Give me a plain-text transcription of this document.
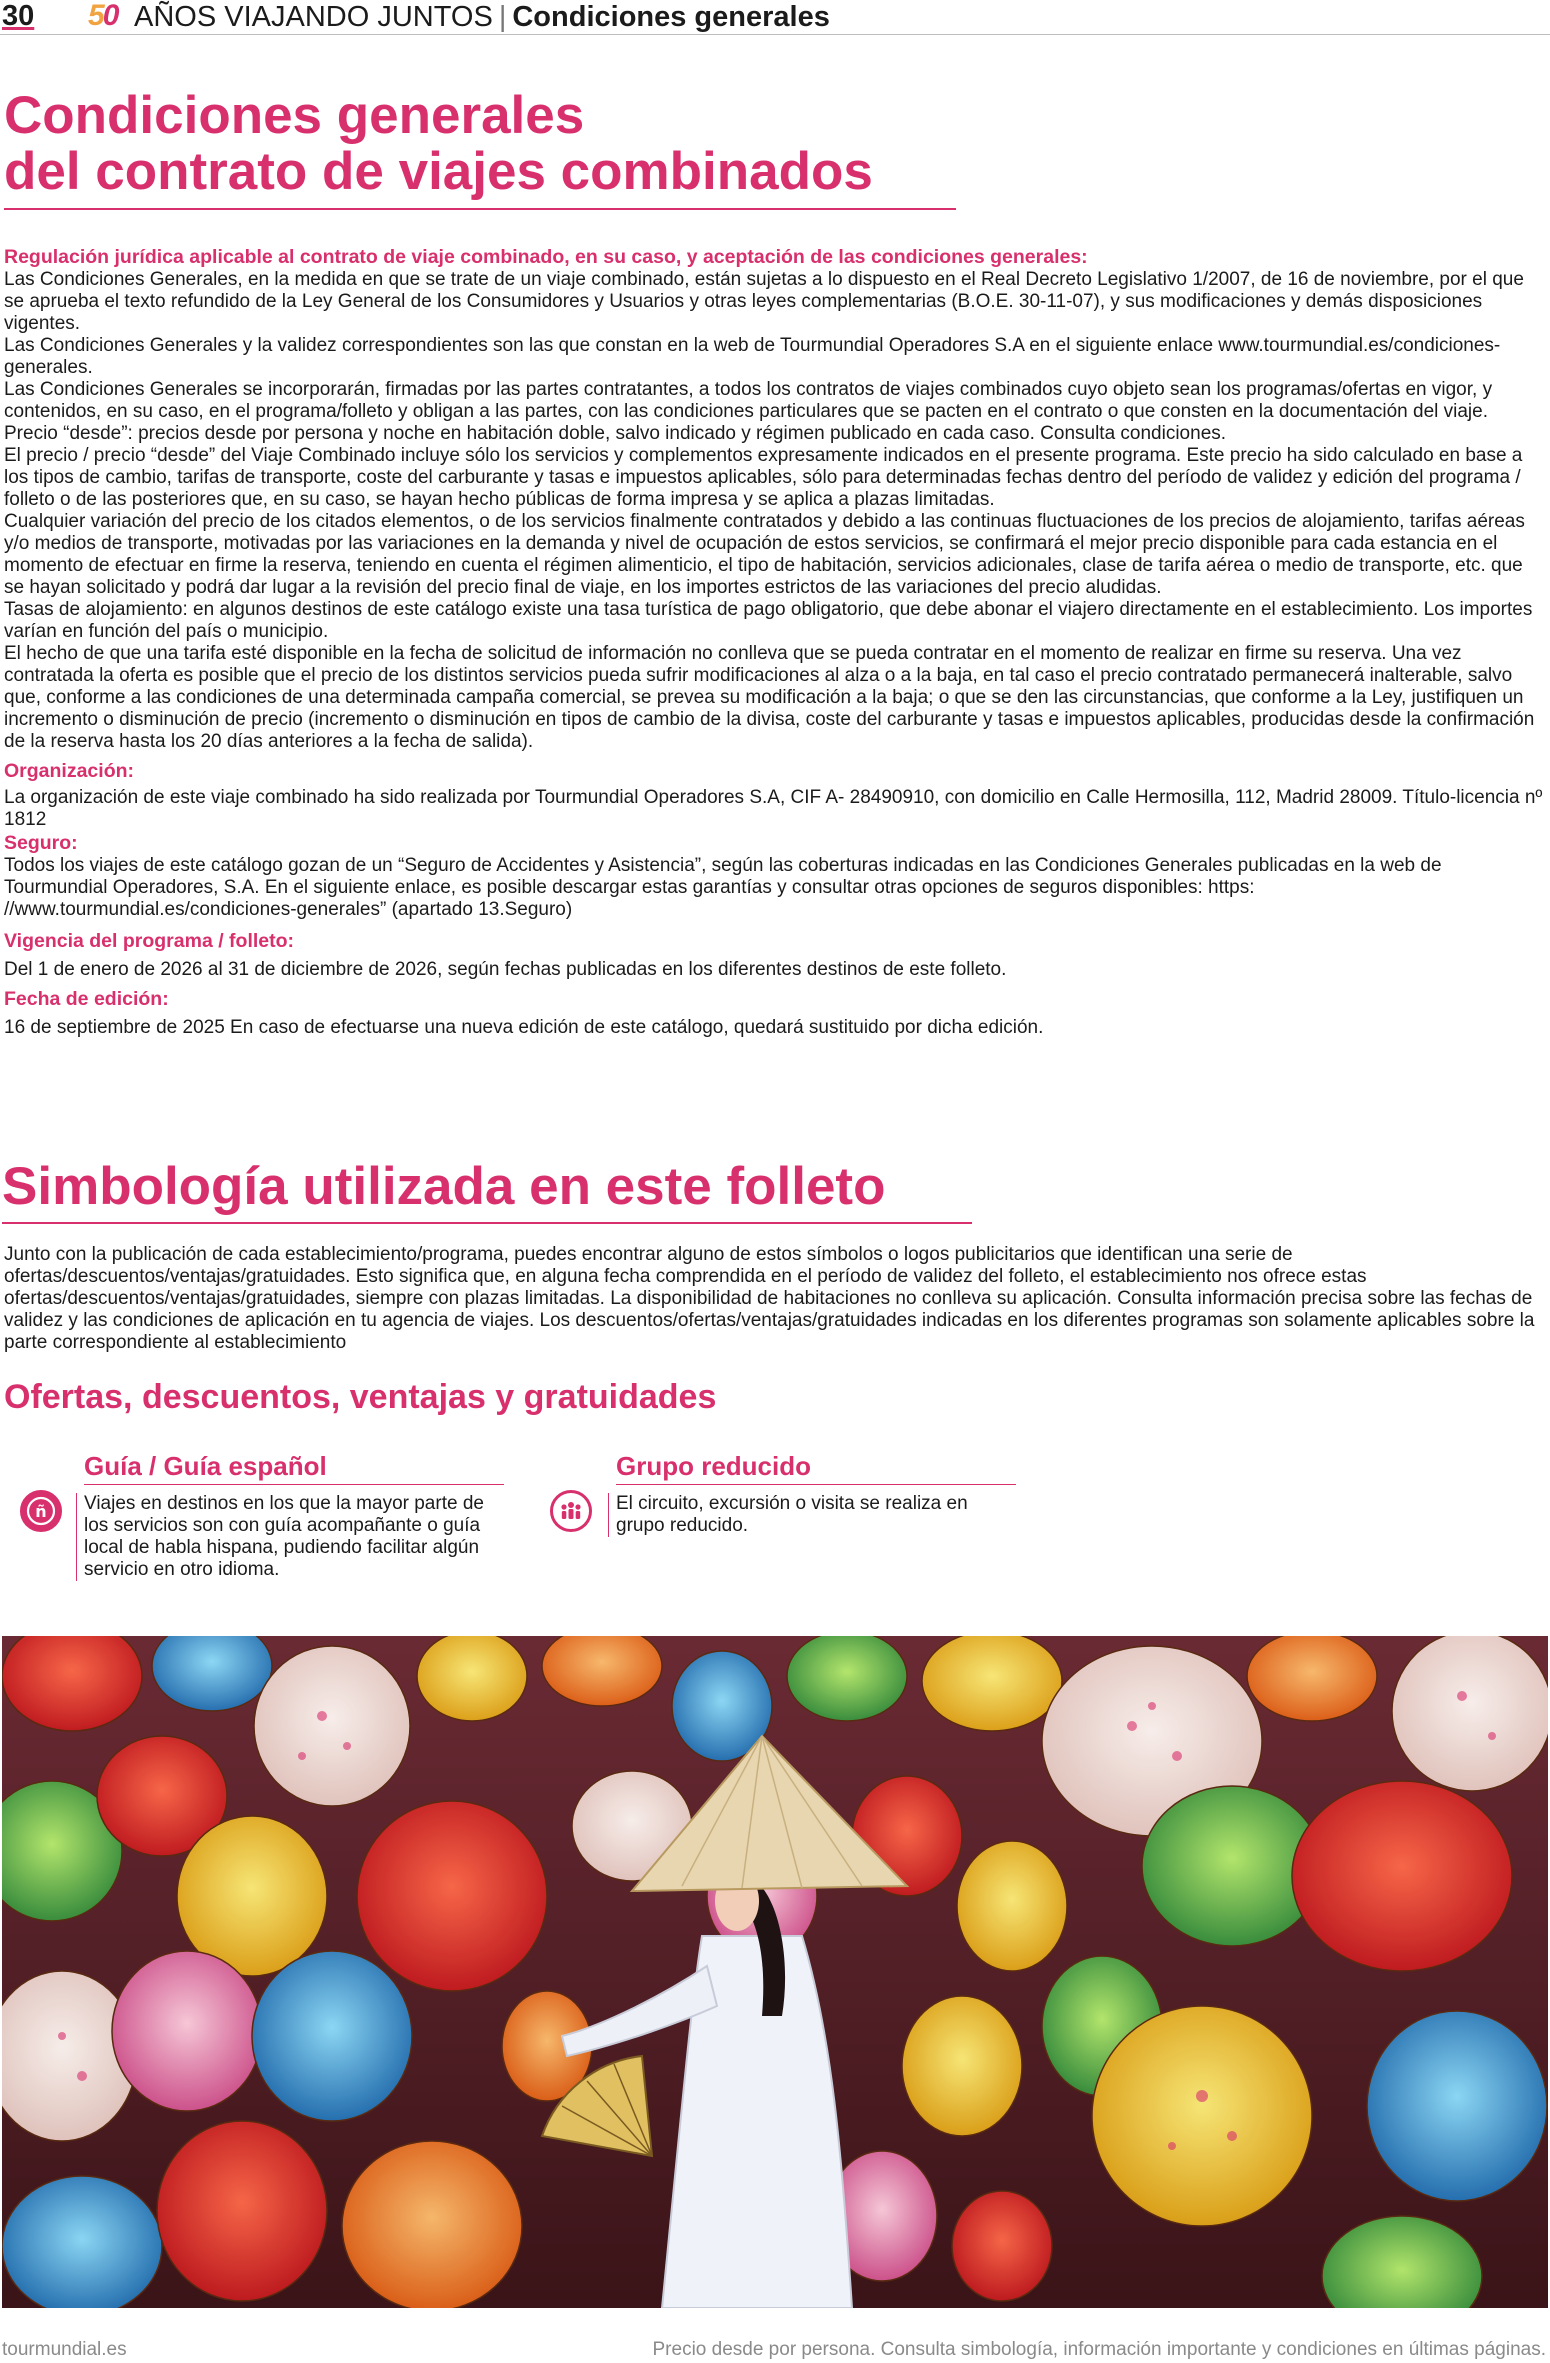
30 50 AÑOS VIAJANDO JUNTOS | Condiciones generales
Condiciones generales
del contrato de viajes combinados

Regulación jurídica aplicable al contrato de viaje combinado, en su caso, y aceptación de las condiciones generales:

Las Condiciones Generales, en la medida en que se trate de un viaje combinado, están sujetas a lo dispuesto en el Real Decreto Legislativo 1/2007, de 16 de noviembre, por el que se aprueba el texto refundido de la Ley General de los Consumidores y Usuarios y otras leyes complementarias (B.O.E. 30-11-07), y sus modificaciones y demás disposiciones vigentes.

Las Condiciones Generales y la validez correspondientes son las que constan en la web de Tourmundial Operadores S.A en el siguiente enlace www.tourmundial.es/condiciones-generales.

Las Condiciones Generales se incorporarán, firmadas por las partes contratantes, a todos los contratos de viajes combinados cuyo objeto sean los programas/ofertas en vigor, y contenidos, en su caso, en el programa/folleto y obligan a las partes, con las condiciones particulares que se pacten en el contrato o que consten en la documentación del viaje.

Precio “desde”: precios desde por persona y noche en habitación doble, salvo indicado y régimen publicado en cada caso. Consulta condiciones.

El precio / precio “desde” del Viaje Combinado incluye sólo los servicios y complementos expresamente indicados en el presente programa. Este precio ha sido calculado en base a los tipos de cambio, tarifas de transporte, coste del carburante y tasas e impuestos aplicables, sólo para determinadas fechas dentro del período de validez y edición del programa / folleto o de las posteriores que, en su caso, se hayan hecho públicas de forma impresa y se aplica a plazas limitadas.

Cualquier variación del precio de los citados elementos, o de los servicios finalmente contratados y debido a las continuas fluctuaciones de los precios de alojamiento, tarifas aéreas y/o medios de transporte, motivadas por las variaciones en la demanda y nivel de ocupación de estos servicios, se confirmará el mejor precio disponible para cada estancia en el momento de efectuar en firme la reserva, teniendo en cuenta el régimen alimenticio, el tipo de habitación, servicios adicionales, clase de tarifa aérea o medio de transporte, etc. que se hayan solicitado y podrá dar lugar a la revisión del precio final de viaje, en los importes estrictos de las variaciones del precio aludidas.

Tasas de alojamiento: en algunos destinos de este catálogo existe una tasa turística de pago obligatorio, que debe abonar el viajero directamente en el establecimiento. Los importes varían en función del país o municipio.

El hecho de que una tarifa esté disponible en la fecha de solicitud de información no conlleva que se pueda contratar en el momento de realizar en firme su reserva. Una vez contratada la oferta es posible que el precio de los distintos servicios pueda sufrir modificaciones al alza o a la baja, en tal caso el precio contratado permanecerá inalterable, salvo que, conforme a las condiciones de una determinada campaña comercial, se prevea su modificación a la baja; o que se den las circunstancias, que conforme a la Ley, justifiquen un incremento o disminución de precio (incremento o disminución en tipos de cambio de la divisa, coste del carburante y tasas e impuestos aplicables, producidas desde la confirmación de la reserva hasta los 20 días anteriores a la fecha de salida).

Organización:

La organización de este viaje combinado ha sido realizada por Tourmundial Operadores S.A, CIF A- 28490910, con domicilio en Calle Hermosilla, 112, Madrid 28009. Título-licencia nº 1812

Seguro:

Todos los viajes de este catálogo gozan de un “Seguro de Accidentes y Asistencia”, según las coberturas indicadas en las Condiciones Generales publicadas en la web de Tourmundial Operadores, S.A. En el siguiente enlace, es posible descargar estas garantías y consultar otras opciones de seguros disponibles: https: //www.tourmundial.es/condiciones-generales” (apartado 13.Seguro)

Vigencia del programa / folleto:

Del 1 de enero de 2026 al 31 de diciembre de 2026, según fechas publicadas en los diferentes destinos de este folleto.

Fecha de edición:

16 de septiembre de 2025 En caso de efectuarse una nueva edición de este catálogo, quedará sustituido por dicha edición.

Simbología utilizada en este folleto

Junto con la publicación de cada establecimiento/programa, puedes encontrar alguno de estos símbolos o logos publicitarios que identifican una serie de ofertas/descuentos/ventajas/gratuidades. Esto significa que, en alguna fecha comprendida en el período de validez del folleto, el establecimiento nos ofrece estas ofertas/descuentos/ventajas/gratuidades, siempre con plazas limitadas. La disponibilidad de habitaciones no conlleva su aplicación. Consulta información precisa sobre las fechas de validez y las condiciones de aplicación en tu agencia de viajes. Los descuentos/ofertas/ventajas/gratuidades indicadas en los diferentes programas son solamente aplicables sobre la parte correspondiente al establecimiento

Ofertas, descuentos, ventajas y gratuidades
ñ
Guía / Guía español
Viajes en destinos en los que la mayor parte de los servicios son con guía acompañante o guía local de habla hispana, pudiendo facilitar algún servicio en otro idioma.
Grupo reducido
El circuito, excursión o visita se realiza en grupo reducido.
tourmundial.es	Precio desde por persona. Consulta simbología, información importante y condiciones en últimas páginas.
